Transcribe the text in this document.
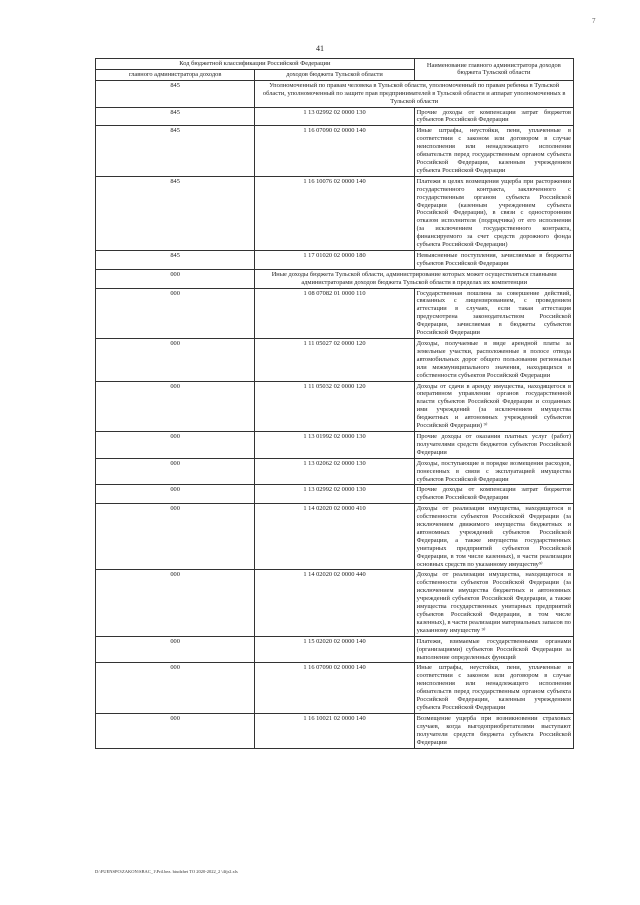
41
7
Код бюджетной классификации Российской Федерации		Наименование главного администратора доходов бюджета Тульской области
главного администратора доходов	доходов бюджета Тульской области	
845	Уполномоченный по правам человека в Тульской области, уполномоченный по правам ребенка в Тульской области, уполномоченный по защите прав предпринимателей в Тульской области и аппарат уполномоченных в Тульской области	
845	1 13 02992 02 0000 130	Прочие доходы от компенсации затрат бюджетов субъектов Российской Федерации
845	1 16 07090 02 0000 140	Иные штрафы, неустойки, пени, уплаченные в соответствии с законом или договором в случае неисполнения или ненадлежащего исполнения обязательств перед государственным органом субъекта Российской Федерации, казенным учреждением субъекта Российской Федерации
845	1 16 10076 02 0000 140	Платежи в целях возмещения ущерба при расторжении государственного контракта, заключенного с государственным органом субъекта Российской Федерации (казенным учреждением субъекта Российской Федерации), в связи с односторонним отказом исполнителя (подрядчика) от его исполнения (за исключением государственного контракта, финансируемого за счет средств дорожного фонда субъекта Российской Федерации)
845	1 17 01020 02 0000 180	Невыясненные поступления, зачисляемые в бюджеты субъектов Российской Федерации
000	Иные доходы бюджета Тульской области, администрирование которых может осуществляться главными администраторами доходов бюджета Тульской области в пределах их компетенции	
000	1 08 07082 01 0000 110	Государственная пошлина за совершение действий, связанных с лицензированием, с проведением аттестации в случаях, если такая аттестация предусмотрена законодательством Российской Федерации, зачисляемая в бюджеты субъектов Российской Федерации
000	1 11 05027 02 0000 120	Доходы, получаемые в виде арендной платы за земельные участки, расположенные в полосе отвода автомобильных дорог общего пользования региональн или межмуниципального значения, находящихся в собственности субъектов Российской Федерации
000	1 11 05032 02 0000 120	Доходы от сдачи в аренду имущества, находящегося в оперативном управлении органов государственной власти субъектов Российской Федерации и созданных ими учреждений (за исключением имущества бюджетных и автономных учреждений субъектов Российской Федерации) ⁹⁾
000	1 13 01992 02 0000 130	Прочие доходы от оказания платных услуг (работ) получателями средств бюджетов субъектов Российской Федерации
000	1 13 02062 02 0000 130	Доходы, поступающие в порядке возмещения расходов, понесенных в связи с эксплуатацией имущества субъектов Российской Федерации
000	1 13 02992 02 0000 130	Прочие доходы от компенсации затрат бюджетов субъектов Российской Федерации
000	1 14 02020 02 0000 410	Доходы от реализации имущества, находящегося в собственности субъектов Российской Федерации (за исключением движимого имущества бюджетных и автономных учреждений субъектов Российской Федерации, а также имущества государственных унитарных предприятий субъектов Российской Федерации, в том числе казенных), в части реализации основных средств по указанному имуществу⁹⁾
000	1 14 02020 02 0000 440	Доходы от реализации имущества, находящегося в собственности субъектов Российской Федерации (за исключением имущества бюджетных и автономных учреждений субъектов Российской Федерации, а также имущества государственных унитарных предприятий субъектов Российской Федерации, в том числе казенных), в части реализации материальных запасов по указанному имуществу ⁹⁾
000	1 15 02020 02 0000 140	Платежи, взимаемые государственными органами (организациями) субъектов Российской Федерации за выполнение определенных функций
000	1 16 07090 02 0000 140	Иные штрафы, неустойки, пени, уплаченные в соответствии с законом или договором в случае неисполнения или ненадлежащего исполнения обязательств перед государственным органом субъекта Российской Федерации, казенным учреждением субъекта Российской Федерации
000	1 16 10021 02 0000 140	Возмещение ущерба при возникновении страховых случаев, когда выгодоприобретателями выступают получатели средств бюджета субъекта Российской Федерации
D:\FUENSPO\ZAKON\SBAC_1\Pril.bez. biudzhet TO 2020-2022_2 \4fjr2.xls
